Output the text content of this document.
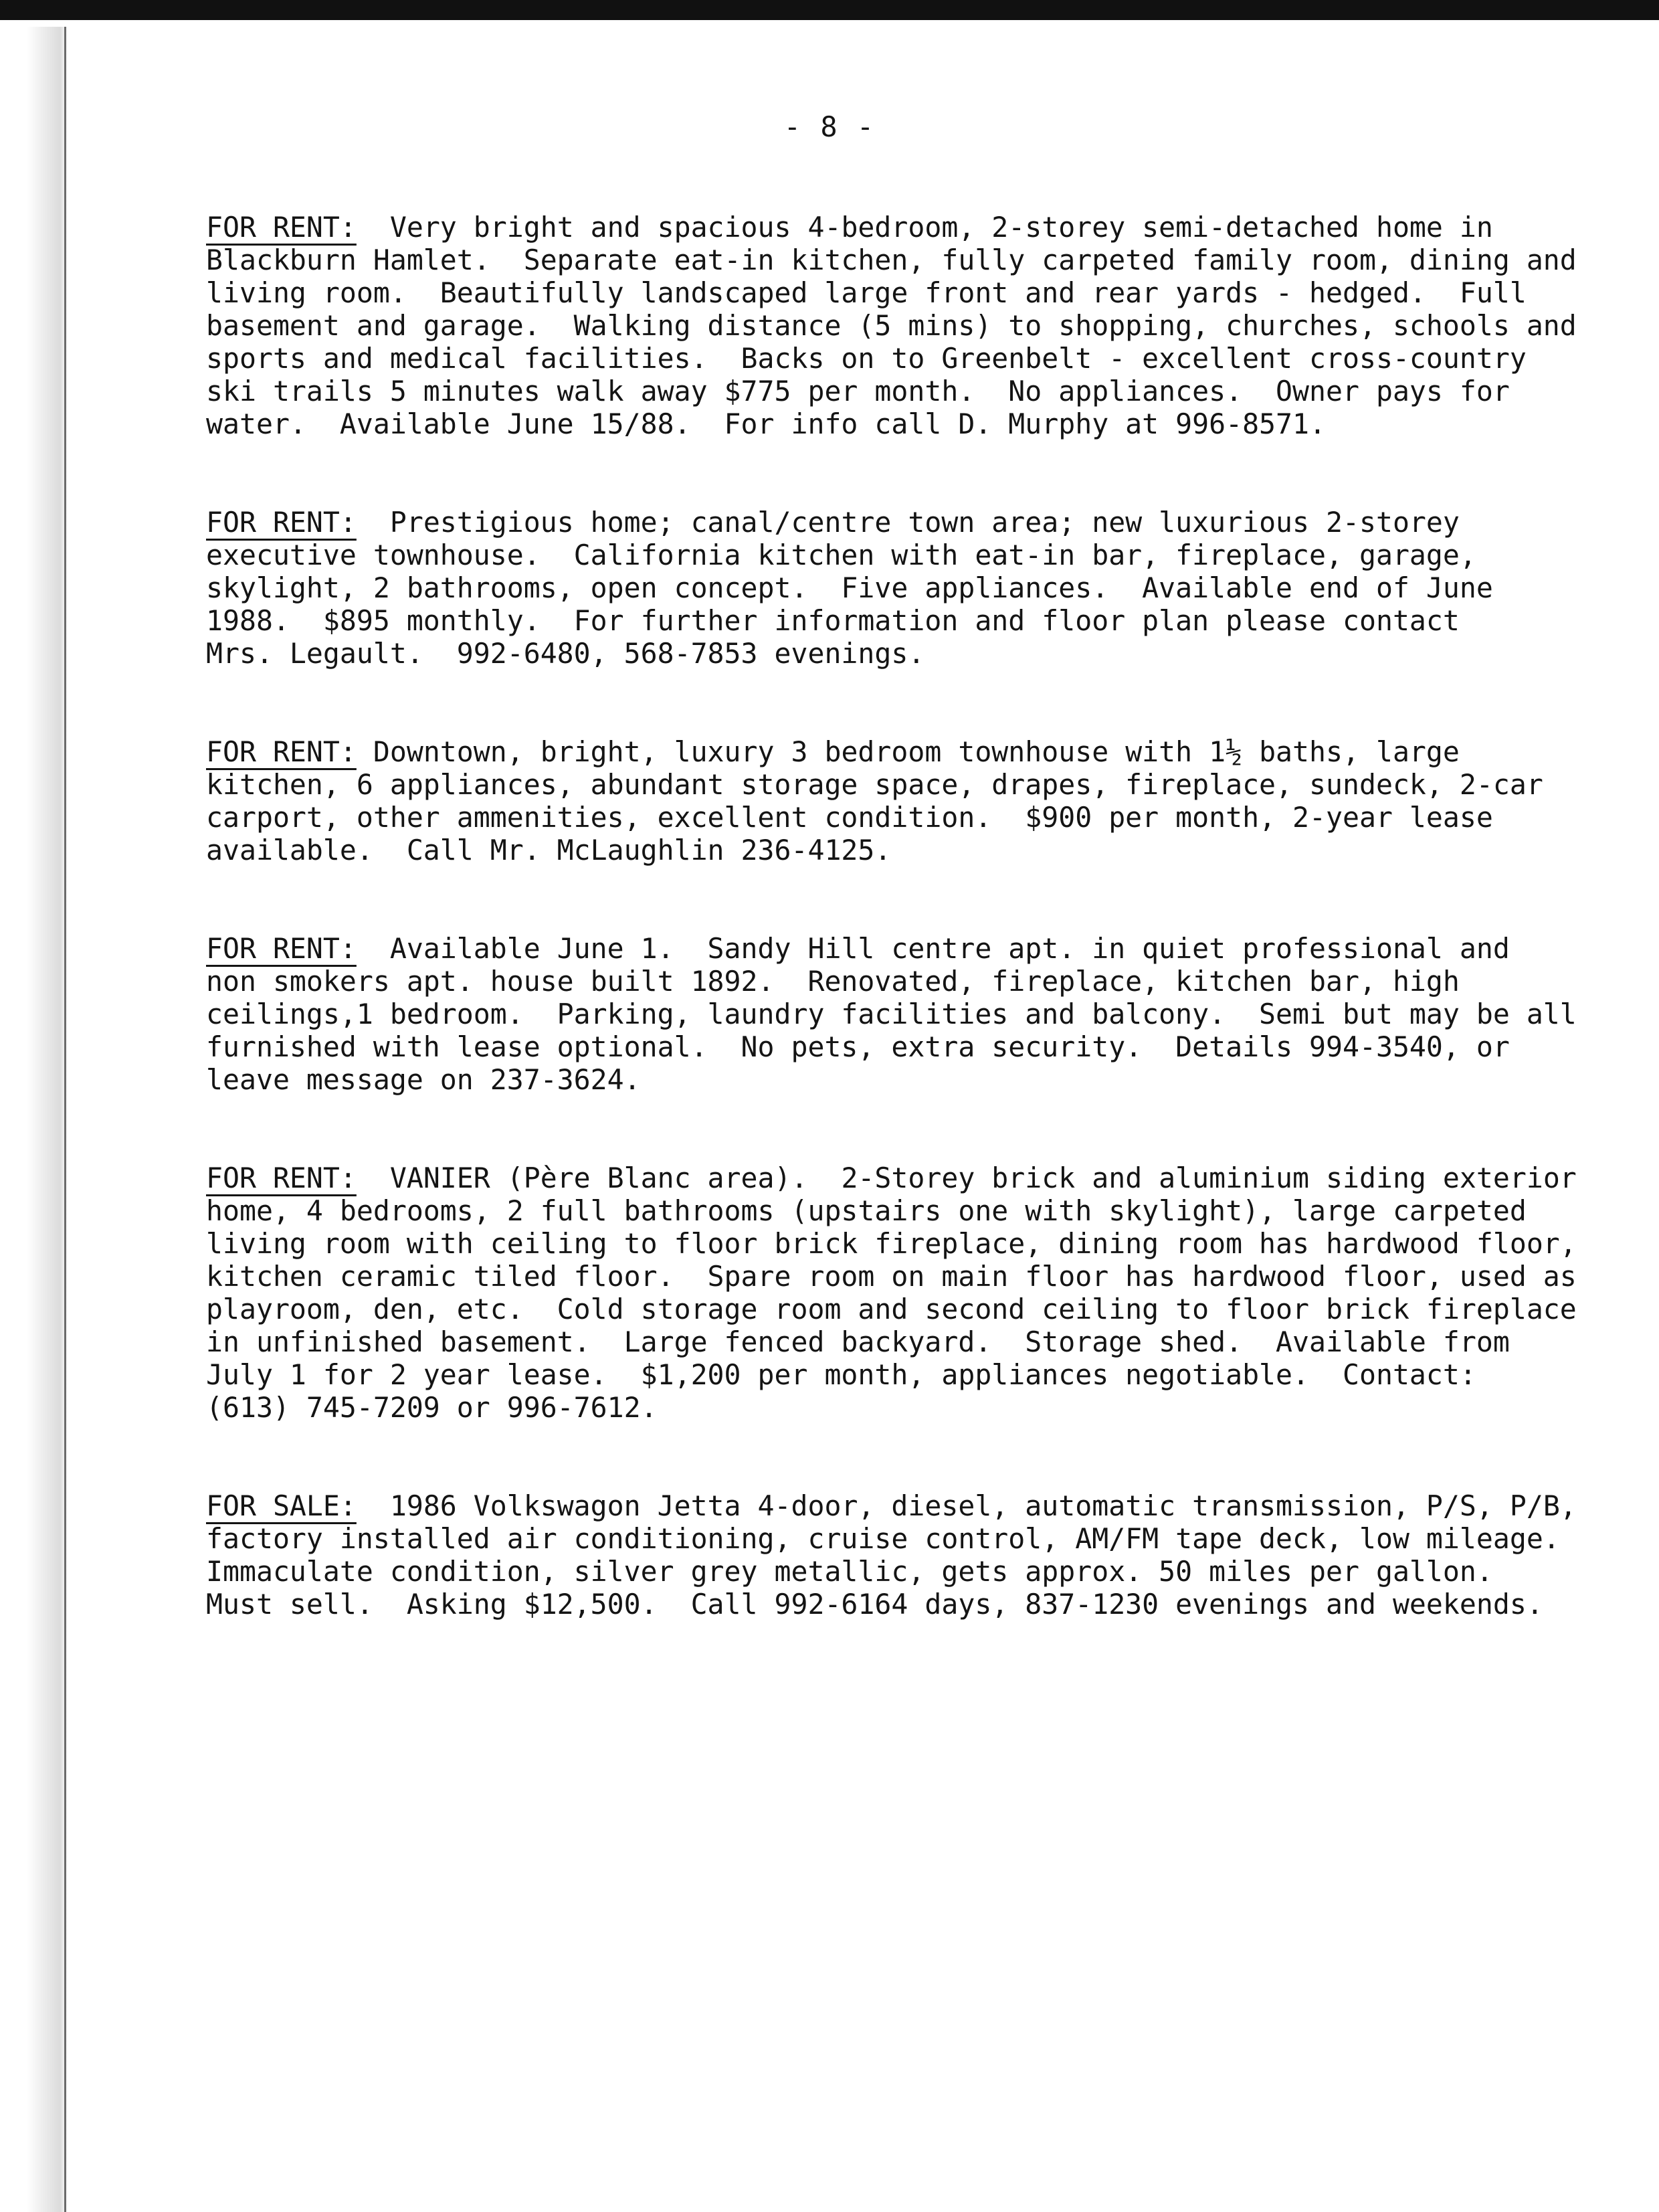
- 8 -
FOR RENT:  Very bright and spacious 4-bedroom, 2-storey semi-detached home in
Blackburn Hamlet.  Separate eat-in kitchen, fully carpeted family room, dining and
living room.  Beautifully landscaped large front and rear yards - hedged.  Full
basement and garage.  Walking distance (5 mins) to shopping, churches, schools and
sports and medical facilities.  Backs on to Greenbelt - excellent cross-country
ski trails 5 minutes walk away $775 per month.  No appliances.  Owner pays for
water.  Available June 15/88.  For info call D. Murphy at 996-8571.
FOR RENT:  Prestigious home; canal/centre town area; new luxurious 2-storey
executive townhouse.  California kitchen with eat-in bar, fireplace, garage,
skylight, 2 bathrooms, open concept.  Five appliances.  Available end of June
1988.  $895 monthly.  For further information and floor plan please contact
Mrs. Legault.  992-6480, 568-7853 evenings.
FOR RENT: Downtown, bright, luxury 3 bedroom townhouse with 1½ baths, large
kitchen, 6 appliances, abundant storage space, drapes, fireplace, sundeck, 2-car
carport, other ammenities, excellent condition.  $900 per month, 2-year lease
available.  Call Mr. McLaughlin 236-4125.
FOR RENT:  Available June 1.  Sandy Hill centre apt. in quiet professional and
non smokers apt. house built 1892.  Renovated, fireplace, kitchen bar, high
ceilings,1 bedroom.  Parking, laundry facilities and balcony.  Semi but may be all
furnished with lease optional.  No pets, extra security.  Details 994-3540, or
leave message on 237-3624.
FOR RENT:  VANIER (Père Blanc area).  2-Storey brick and aluminium siding exterior
home, 4 bedrooms, 2 full bathrooms (upstairs one with skylight), large carpeted
living room with ceiling to floor brick fireplace, dining room has hardwood floor,
kitchen ceramic tiled floor.  Spare room on main floor has hardwood floor, used as
playroom, den, etc.  Cold storage room and second ceiling to floor brick fireplace
in unfinished basement.  Large fenced backyard.  Storage shed.  Available from
July 1 for 2 year lease.  $1,200 per month, appliances negotiable.  Contact:
(613) 745-7209 or 996-7612.
FOR SALE:  1986 Volkswagon Jetta 4-door, diesel, automatic transmission, P/S, P/B,
factory installed air conditioning, cruise control, AM/FM tape deck, low mileage.
Immaculate condition, silver grey metallic, gets approx. 50 miles per gallon.
Must sell.  Asking $12,500.  Call 992-6164 days, 837-1230 evenings and weekends.
